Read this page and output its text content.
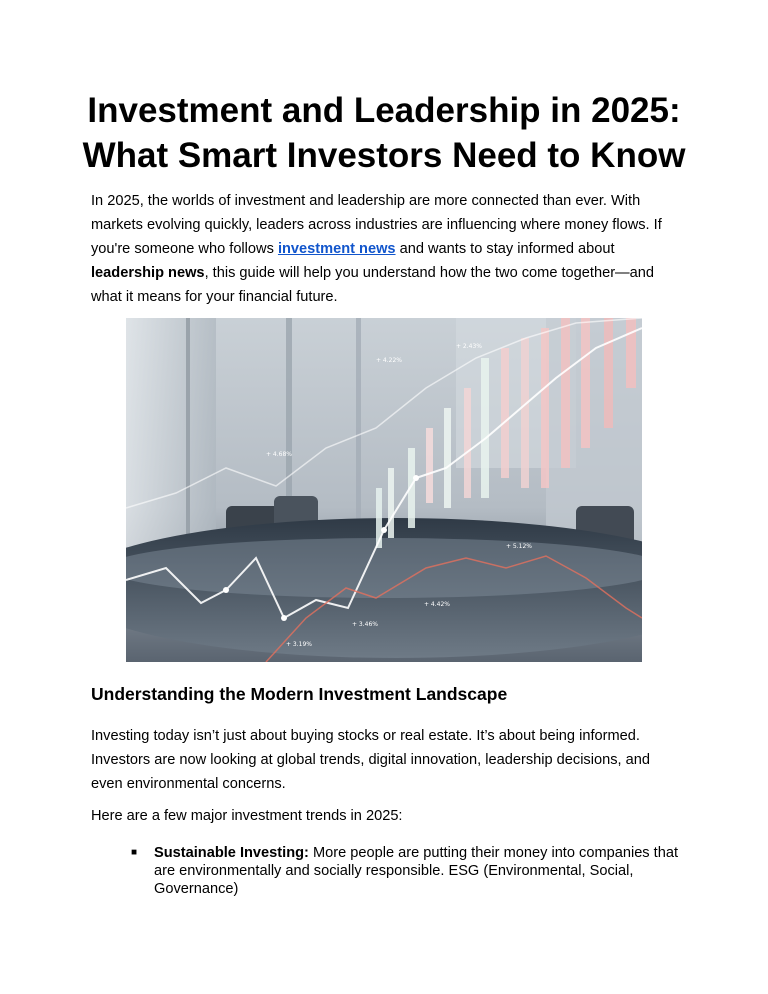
Investment and Leadership in 2025:
What Smart Investors Need to Know

In 2025, the worlds of investment and leadership are more connected than ever. With markets evolving quickly, leaders across industries are influencing where money flows. If you're someone who follows investment news and wants to stay informed about leadership news, this guide will help you understand how the two come together—and what it means for your financial future.

+ 2.43%
+ 4.22%
+ 4.68%
+ 5.12%
+ 4.42%
+ 3.46%
+ 3.19%
Understanding the Modern Investment Landscape

Investing today isn’t just about buying stocks or real estate. It’s about being informed. Investors are now looking at global trends, digital innovation, leadership decisions, and even environmental concerns.

Here are a few major investment trends in 2025:

■ Sustainable Investing: More people are putting their money into companies that are environmentally and socially responsible. ESG (Environmental, Social, Governance)
